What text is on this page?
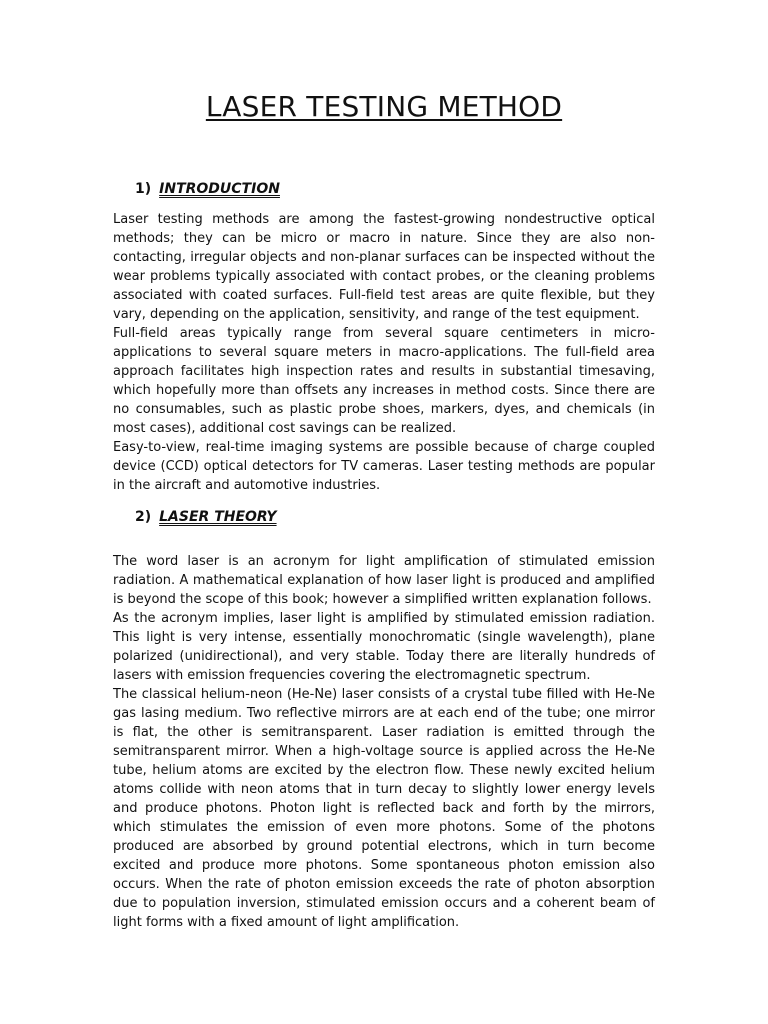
LASER TESTING METHOD
1) INTRODUCTION

Laser testing methods are among the fastest-growing nondestructive optical methods; they can be micro or macro in nature. Since they are also non-contacting, irregular objects and non-planar surfaces can be inspected without the wear problems typically associated with contact probes, or the cleaning problems associated with coated surfaces. Full-field test areas are quite flexible, but they vary, depending on the application, sensitivity, and range of the test equipment.

Full-field areas typically range from several square centimeters in micro-applications to several square meters in macro-applications. The full-field area approach facilitates high inspection rates and results in substantial timesaving, which hopefully more than offsets any increases in method costs. Since there are no consumables, such as plastic probe shoes, markers, dyes, and chemicals (in most cases), additional cost savings can be realized.

Easy-to-view, real-time imaging systems are possible because of charge coupled device (CCD) optical detectors for TV cameras. Laser testing methods are popular in the aircraft and automotive industries.

2) LASER THEORY

The word laser is an acronym for light amplification of stimulated emission radiation. A mathematical explanation of how laser light is produced and amplified is beyond the scope of this book; however a simplified written explanation follows.

As the acronym implies, laser light is amplified by stimulated emission radiation. This light is very intense, essentially monochromatic (single wavelength), plane polarized (unidirectional), and very stable. Today there are literally hundreds of lasers with emission frequencies covering the electromagnetic spectrum.

The classical helium-neon (He-Ne) laser consists of a crystal tube filled with He-Ne gas lasing medium. Two reflective mirrors are at each end of the tube; one mirror is flat, the other is semitransparent. Laser radiation is emitted through the semitransparent mirror. When a high-voltage source is applied across the He-Ne tube, helium atoms are excited by the electron flow. These newly excited helium atoms collide with neon atoms that in turn decay to slightly lower energy levels and produce photons. Photon light is reflected back and forth by the mirrors, which stimulates the emission of even more photons. Some of the photons produced are absorbed by ground potential electrons, which in turn become excited and produce more photons. Some spontaneous photon emission also occurs. When the rate of photon emission exceeds the rate of photon absorption due to population inversion, stimulated emission occurs and a coherent beam of light forms with a fixed amount of light amplification.
